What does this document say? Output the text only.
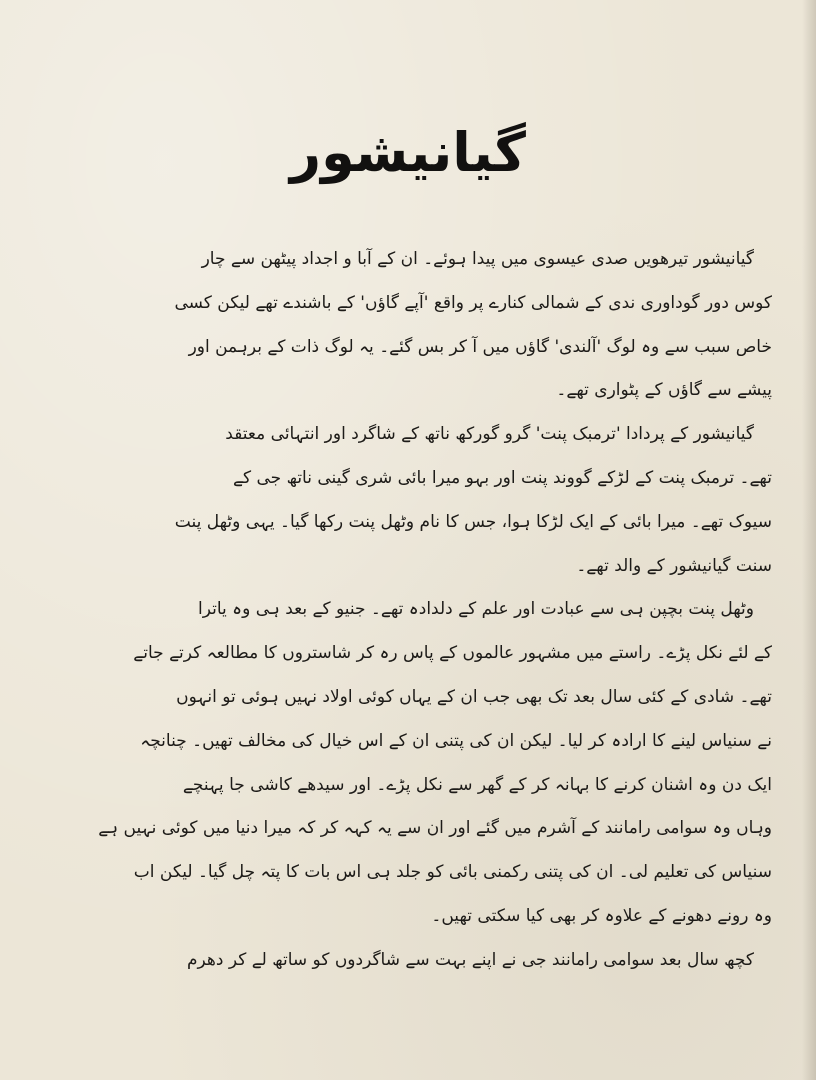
گیانیشور
گیانیشور تیرھویں صدی عیسوی میں پیدا ہوئے۔ ان کے آبا و اجداد پیٹھن سے چار
کوس دور گوداوری ندی کے شمالی کنارے پر واقع 'آپے گاؤں' کے باشندے تھے لیکن کسی
خاص سبب سے وہ لوگ 'آلندی' گاؤں میں آ کر بس گئے۔ یہ لوگ ذات کے برہمن اور
پیشے سے گاؤں کے پٹواری تھے۔
گیانیشور کے پردادا 'ترمبک پنت' گرو گورکھ ناتھ کے شاگرد اور انتہائی معتقد
تھے۔ ترمبک پنت کے لڑکے گووند پنت اور بہو میرا بائی شری گینی ناتھ جی کے
سیوک تھے۔ میرا بائی کے ایک لڑکا ہوا، جس کا نام وٹھل پنت رکھا گیا۔ یہی وٹھل پنت
سنت گیانیشور کے والد تھے۔
وٹھل پنت بچپن ہی سے عبادت اور علم کے دلدادہ تھے۔ جنیو کے بعد ہی وہ یاترا
کے لئے نکل پڑے۔ راستے میں مشہور عالموں کے پاس رہ کر شاستروں کا مطالعہ کرتے جاتے
تھے۔ شادی کے کئی سال بعد تک بھی جب ان کے یہاں کوئی اولاد نہیں ہوئی تو انہوں
نے سنیاس لینے کا ارادہ کر لیا۔ لیکن ان کی پتنی ان کے اس خیال کی مخالف تھیں۔ چنانچہ
ایک دن وہ اشنان کرنے کا بہانہ کر کے گھر سے نکل پڑے۔ اور سیدھے کاشی جا پہنچے
وہاں وہ سوامی رامانند کے آشرم میں گئے اور ان سے یہ کہہ کر کہ میرا دنیا میں کوئی نہیں ہے
سنیاس کی تعلیم لی۔ ان کی پتنی رکمنی بائی کو جلد ہی اس بات کا پتہ چل گیا۔ لیکن اب
وہ رونے دھونے کے علاوہ کر بھی کیا سکتی تھیں۔
کچھ سال بعد سوامی رامانند جی نے اپنے بہت سے شاگردوں کو ساتھ لے کر دھرم
